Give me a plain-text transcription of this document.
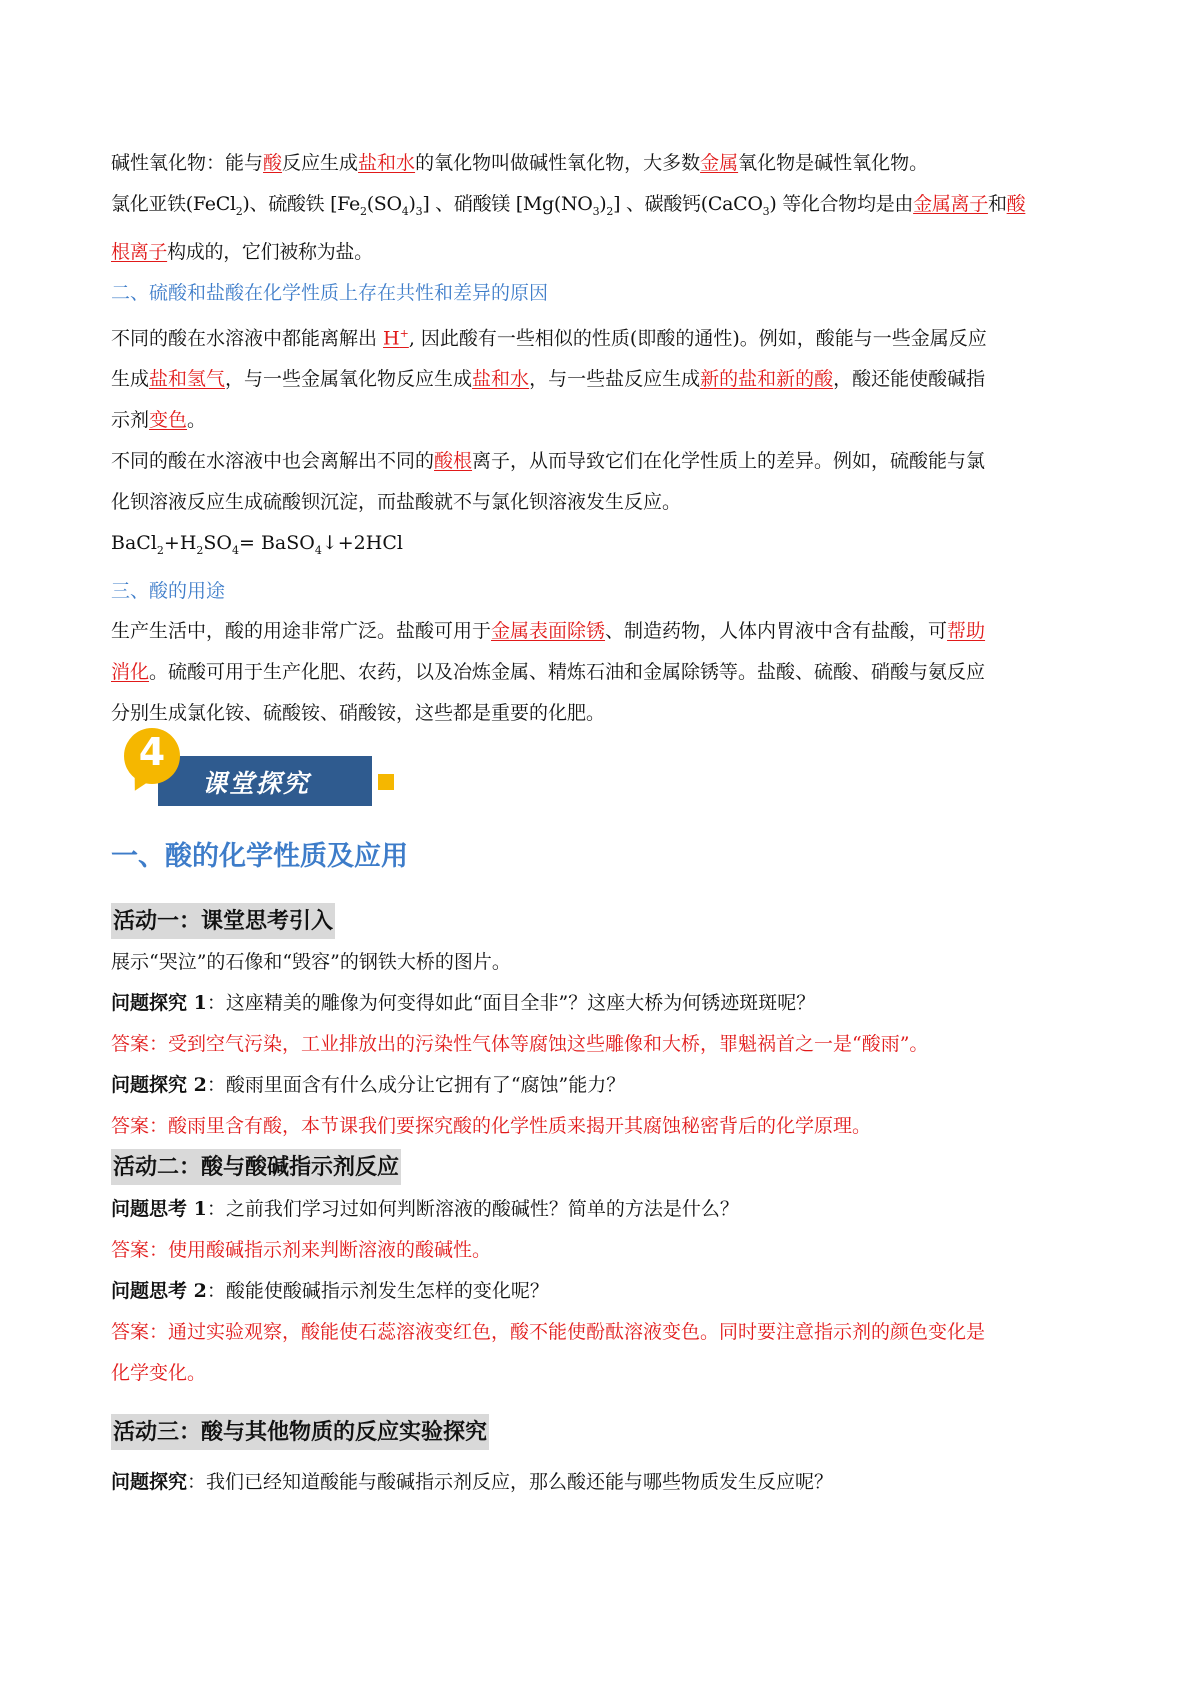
碱性氧化物：能与酸反应生成盐和水的氧化物叫做碱性氧化物，大多数金属氧化物是碱性氧化物。

氯化亚铁(FeCl$_2$)、硫酸铁 $[Fe_2(SO_4)_3]$ 、硝酸镁 $[Mg(NO_3)_2]$ 、碳酸钙(CaCO$_3$) 等化合物均是由金属离子和酸
根离子构成的，它们被称为盐。

二、硫酸和盐酸在化学性质上存在共性和差异的原因

不同的酸在水溶液中都能离解出 H+, 因此酸有一些相似的性质(即酸的通性)。例如，酸能与一些金属反应
生成盐和氢气，与一些金属氧化物反应生成盐和水，与一些盐反应生成新的盐和新的酸，酸还能使酸碱指
示剂变色。

不同的酸在水溶液中也会离解出不同的酸根离子，从而导致它们在化学性质上的差异。例如，硫酸能与氯
化钡溶液反应生成硫酸钡沉淀，而盐酸就不与氯化钡溶液发生反应。

$BaCl_2+H_2SO_4=$ BaSO$_4$↓+2HCl

三、酸的用途

生产生活中，酸的用途非常广泛。盐酸可用于金属表面除锈、制造药物，人体内胃液中含有盐酸，可帮助
消化。硫酸可用于生产化肥、农药，以及冶炼金属、精炼石油和金属除锈等。盐酸、硫酸、硝酸与氨反应
分别生成氯化铵、硫酸铵、硝酸铵，这些都是重要的化肥。

4
课堂探究

一、酸的化学性质及应用

活动一：课堂思考引入

展示“哭泣”的石像和“毁容”的钢铁大桥的图片。

问题探究 1：这座精美的雕像为何变得如此“面目全非”？这座大桥为何锈迹斑斑呢？

答案：受到空气污染，工业排放出的污染性气体等腐蚀这些雕像和大桥，罪魁祸首之一是“酸雨”。

问题探究 2：酸雨里面含有什么成分让它拥有了“腐蚀”能力？

答案：酸雨里含有酸，本节课我们要探究酸的化学性质来揭开其腐蚀秘密背后的化学原理。

活动二：酸与酸碱指示剂反应

问题思考 1：之前我们学习过如何判断溶液的酸碱性？简单的方法是什么？

答案：使用酸碱指示剂来判断溶液的酸碱性。

问题思考 2：酸能使酸碱指示剂发生怎样的变化呢？

答案：通过实验观察，酸能使石蕊溶液变红色，酸不能使酚酞溶液变色。同时要注意指示剂的颜色变化是
化学变化。

活动三：酸与其他物质的反应实验探究

问题探究：我们已经知道酸能与酸碱指示剂反应，那么酸还能与哪些物质发生反应呢？
